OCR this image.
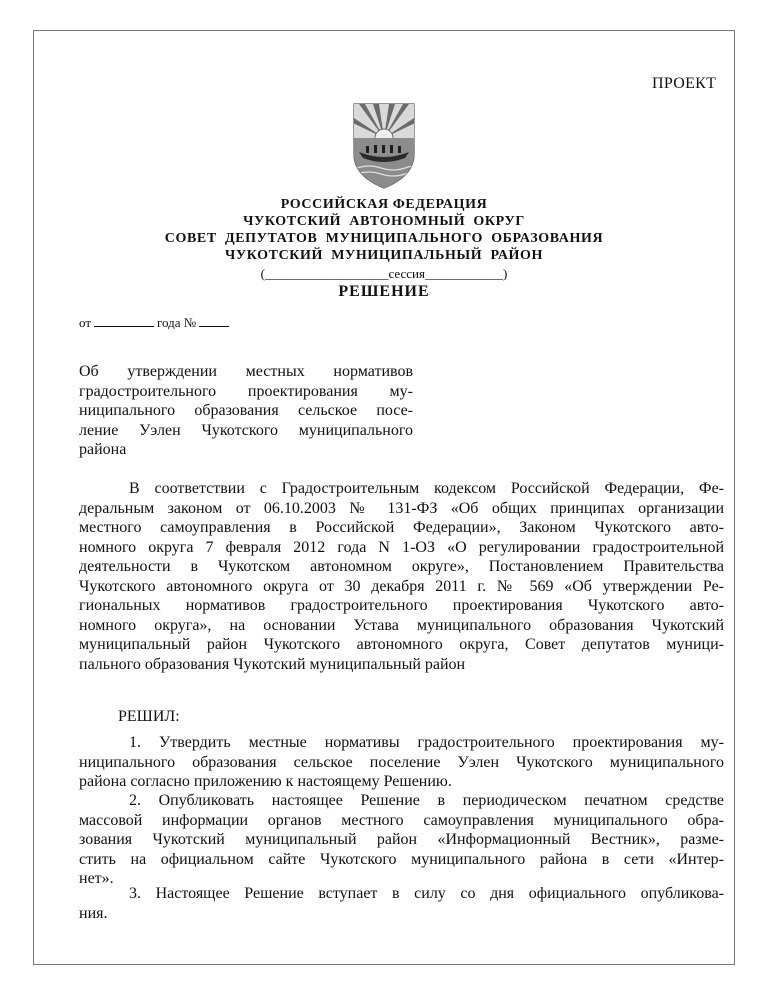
ПРОЕКТ
РОССИЙСКАЯ ФЕДЕРАЦИЯ
ЧУКОТСКИЙ  АВТОНОМНЫЙ  ОКРУГ
СОВЕТ  ДЕПУТАТОВ  МУНИЦИПАЛЬНОГО  ОБРАЗОВАНИЯ
ЧУКОТСКИЙ  МУНИЦИПАЛЬНЫЙ  РАЙОН
(___________________сессия____________)
РЕШЕНИЕ
от	года №
Об утверждении местных нормативов
градостроительного проектирования му-
ниципального образования сельское посе-
ление Уэлен Чукотского муниципального
района
В соответствии с Градостроительным кодексом Российской Федерации, Фе-
деральным законом от 06.10.2003 № 131-ФЗ «Об общих принципах организации
местного самоуправления в Российской Федерации», Законом Чукотского авто-
номного округа 7 февраля 2012 года N 1-ОЗ «О регулировании градостроительной
деятельности в Чукотском автономном округе», Постановлением Правительства
Чукотского автономного округа от 30 декабря 2011 г. № 569 «Об утверждении Ре-
гиональных нормативов градостроительного проектирования Чукотского авто-
номного округа», на основании Устава муниципального образования Чукотский
муниципальный район Чукотского автономного округа, Совет депутатов муници-
пального образования Чукотский муниципальный район
РЕШИЛ:
1. Утвердить местные нормативы градостроительного проектирования му-
ниципального образования сельское поселение Уэлен Чукотского муниципального
района согласно приложению к настоящему Решению.
2. Опубликовать настоящее Решение в периодическом печатном средстве
массовой информации органов местного самоуправления муниципального обра-
зования Чукотский муниципальный район «Информационный Вестник», разме-
стить на официальном сайте Чукотского муниципального района в сети «Интер-
нет».
3. Настоящее Решение вступает в силу со дня официального опубликова-
ния.
